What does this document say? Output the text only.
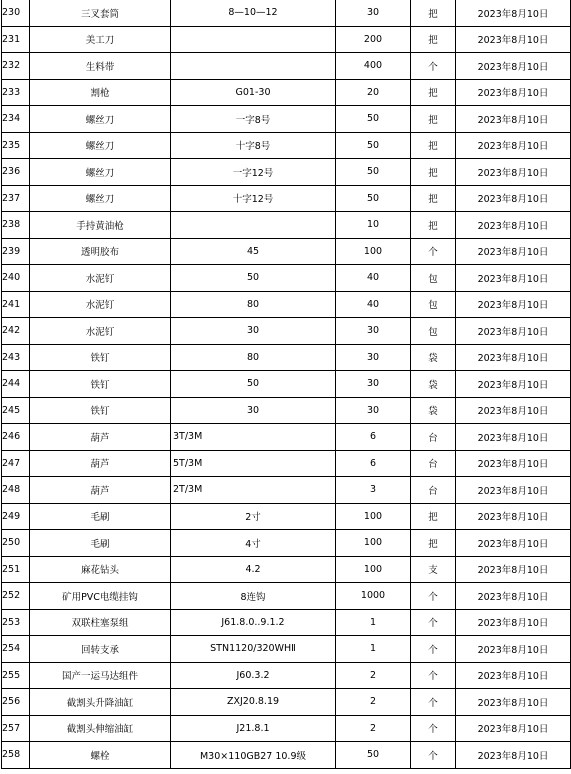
230	三叉套筒	8—10—12	30	把	2023年8月10日
231	美工刀		200	把	2023年8月10日
232	生料带		400	个	2023年8月10日
233	割枪	G01-30	20	把	2023年8月10日
234	螺丝刀	一字8号	50	把	2023年8月10日
235	螺丝刀	十字8号	50	把	2023年8月10日
236	螺丝刀	一字12号	50	把	2023年8月10日
237	螺丝刀	十字12号	50	把	2023年8月10日
238	手持黄油枪		10	把	2023年8月10日
239	透明胶布	45	100	个	2023年8月10日
240	水泥钉	50	40	包	2023年8月10日
241	水泥钉	80	40	包	2023年8月10日
242	水泥钉	30	30	包	2023年8月10日
243	铁钉	80	30	袋	2023年8月10日
244	铁钉	50	30	袋	2023年8月10日
245	铁钉	30	30	袋	2023年8月10日
246	葫芦	3T/3M	6	台	2023年8月10日
247	葫芦	5T/3M	6	台	2023年8月10日
248	葫芦	2T/3M	3	台	2023年8月10日
249	毛刷	2寸	100	把	2023年8月10日
250	毛刷	4寸	100	把	2023年8月10日
251	麻花钻头	4.2	100	支	2023年8月10日
252	矿用PVC电缆挂钩	8连钩	1000	个	2023年8月10日
253	双联柱塞泵组	J61.8.0..9.1.2	1	个	2023年8月10日
254	回转支承	STN1120/320WHⅡ	1	个	2023年8月10日
255	国产一运马达组件	J60.3.2	2	个	2023年8月10日
256	截割头升降油缸	ZXJ20.8.19	2	个	2023年8月10日
257	截割头伸缩油缸	J21.8.1	2	个	2023年8月10日
258	螺栓	M30×110GB27 10.9级	50	个	2023年8月10日
